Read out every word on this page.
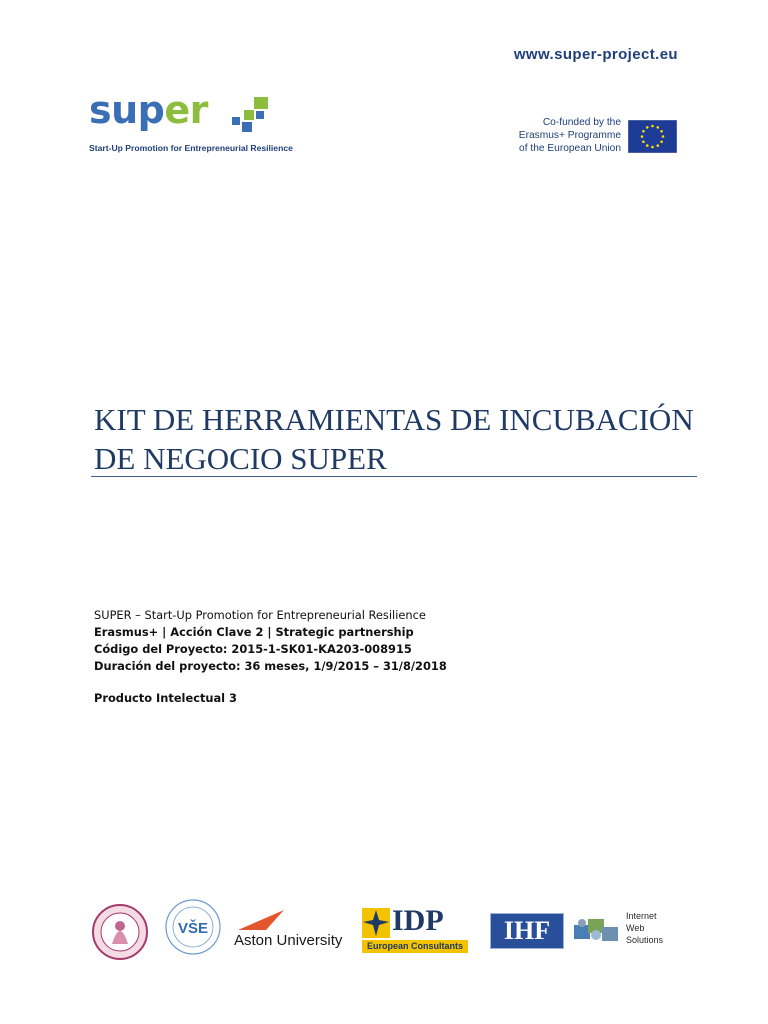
www.super-project.eu
super
Start-Up Promotion for Entrepreneurial Resilience
Co-funded by the
Erasmus+ Programme
of the European Union
KIT DE HERRAMIENTAS DE INCUBACIÓN
DE NEGOCIO SUPER
SUPER – Start-Up Promotion for Entrepreneurial Resilience
Erasmus+ | Acción Clave 2 | Strategic partnership
Código del Proyecto: 2015-1-SK01-KA203-008915
Duración del proyecto: 36 meses, 1/9/2015 – 31/8/2018
Producto Intelectual 3
VŠE
Aston University
IDP
European Consultants
IHF	Internet
Web
Solutions
